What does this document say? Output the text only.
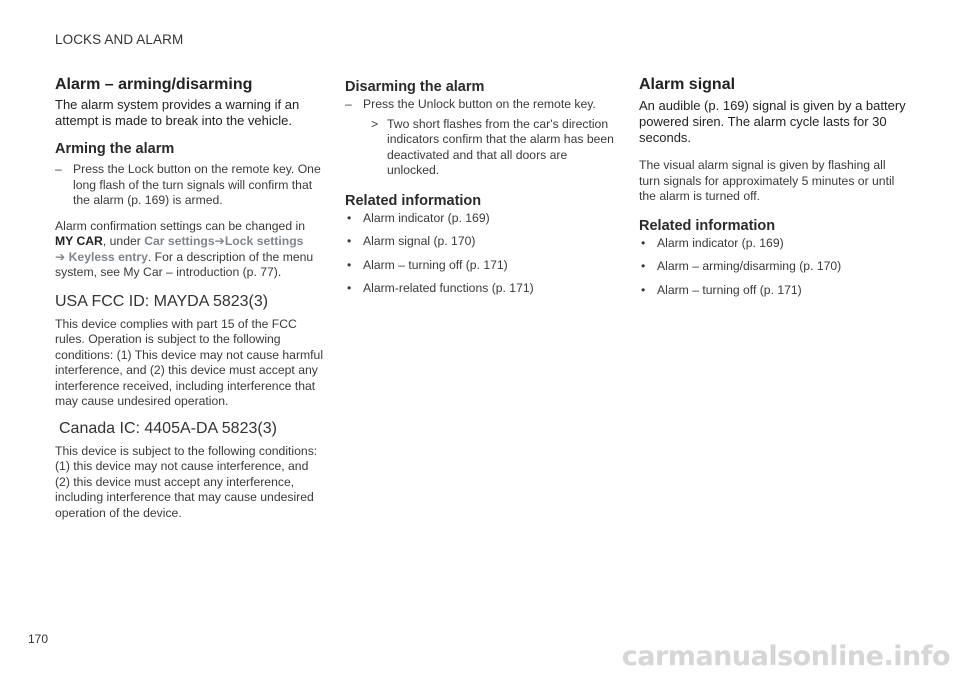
LOCKS AND ALARM
Alarm – arming/disarming

The alarm system provides a warning if an attempt is made to break into the vehicle.

Arming the alarm
– Press the Lock button on the remote key. One long flash of the turn signals will confirm that the alarm (p. 169) is armed.

Alarm confirmation settings can be changed in
MY CAR, under Car settings➔Lock settings
➔ Keyless entry. For a description of the menu system, see My Car – introduction (p. 77).

USA FCC ID: MAYDA 5823(3)

This device complies with part 15 of the FCC rules. Operation is subject to the following conditions: (1) This device may not cause harmful interference, and (2) this device must accept any interference received, including interference that may cause undesired operation.

Canada IC: 4405A-DA 5823(3)

This device is subject to the following conditions: (1) this device may not cause interference, and (2) this device must accept any interference, including interference that may cause undesired operation of the device.

Disarming the alarm
– Press the Unlock button on the remote key.
> Two short flashes from the car's direction indicators confirm that the alarm has been deactivated and that all doors are unlocked.
Related information
• Alarm indicator (p. 169)
• Alarm signal (p. 170)
• Alarm – turning off (p. 171)
• Alarm-related functions (p. 171)
Alarm signal

An audible (p. 169) signal is given by a battery powered siren. The alarm cycle lasts for 30 seconds.

The visual alarm signal is given by flashing all turn signals for approximately 5 minutes or until the alarm is turned off.

Related information
• Alarm indicator (p. 169)
• Alarm – arming/disarming (p. 170)
• Alarm – turning off (p. 171)
170
carmanualsonline.info
